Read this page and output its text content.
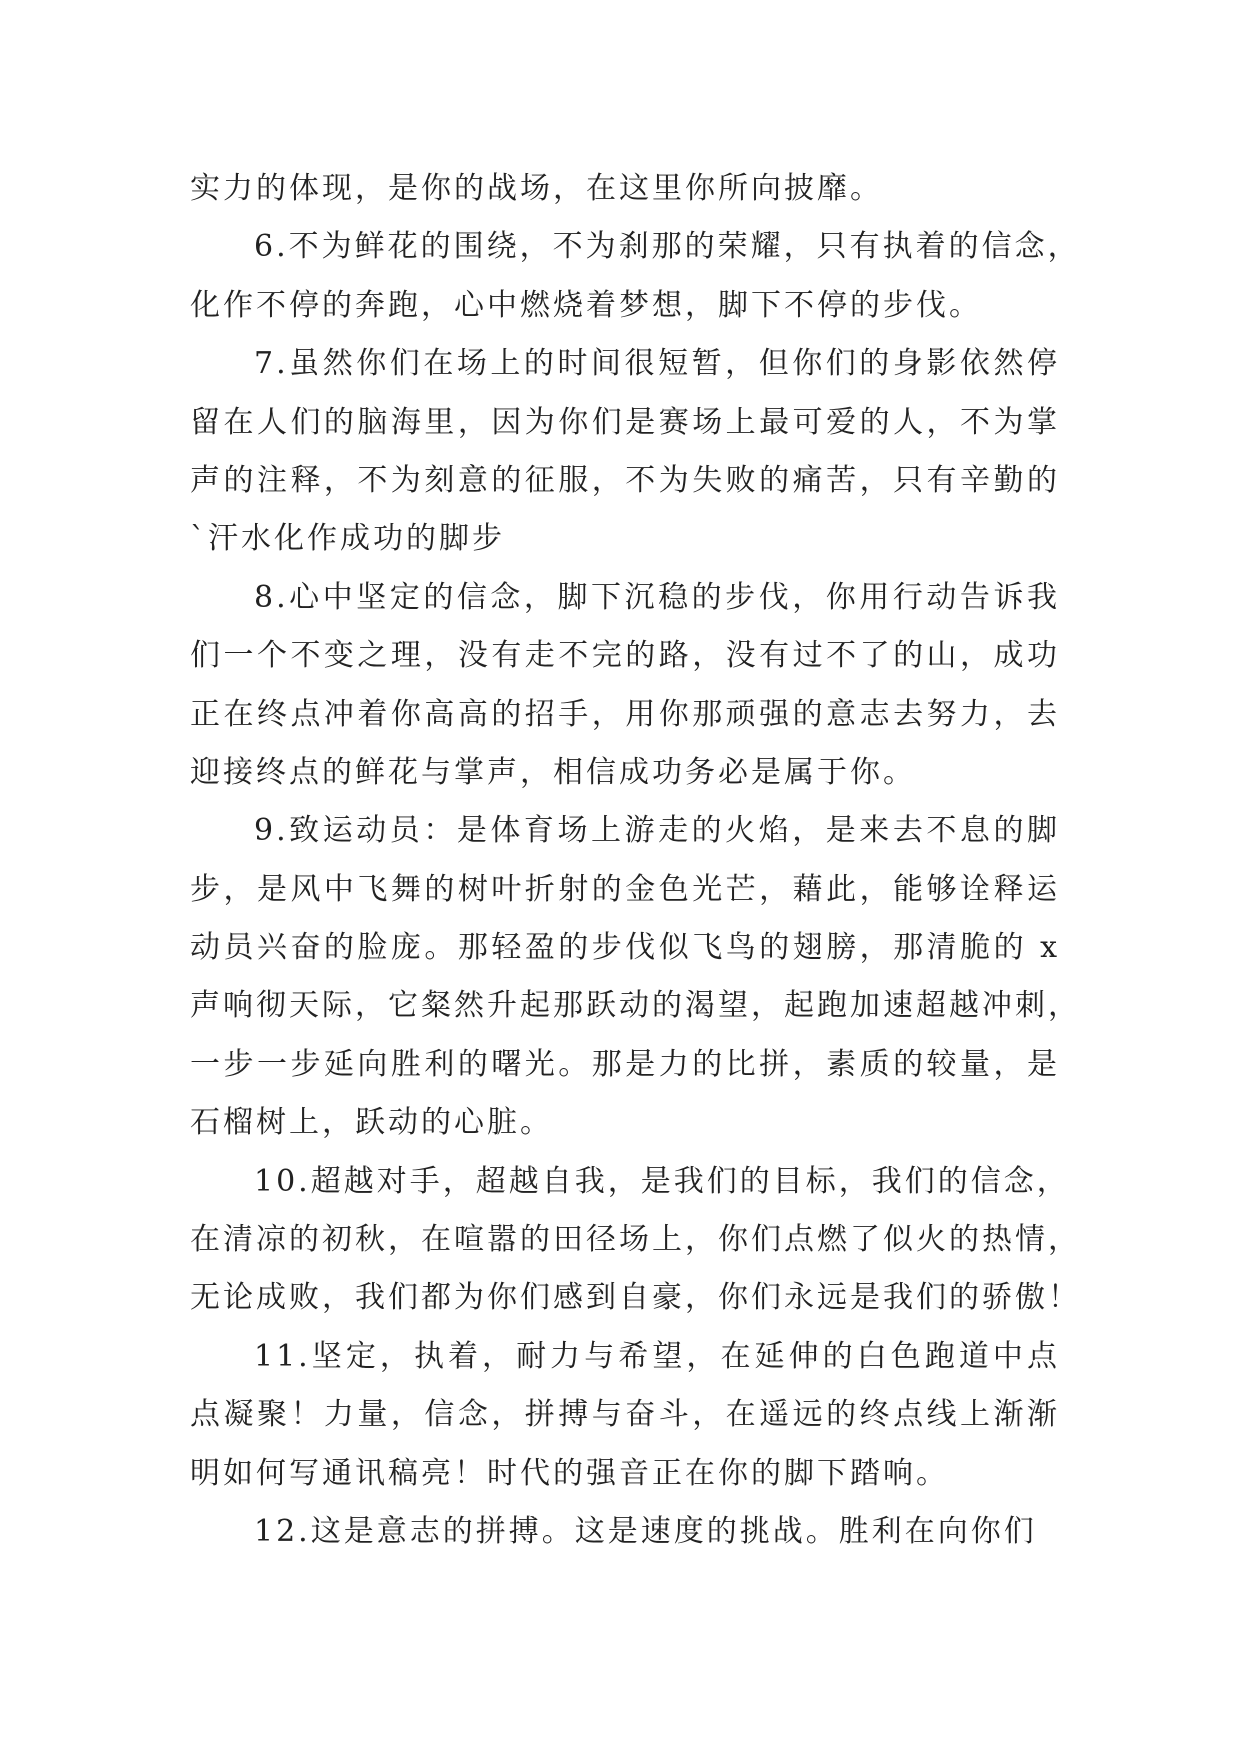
实力的体现，是你的战场，在这里你所向披靡。
6.不为鲜花的围绕，不为刹那的荣耀，只有执着的信念，
化作不停的奔跑，心中燃烧着梦想，脚下不停的步伐。
7.虽然你们在场上的时间很短暂，但你们的身影依然停
留在人们的脑海里，因为你们是赛场上最可爱的人，不为掌
声的注释，不为刻意的征服，不为失败的痛苦，只有辛勤的
`汗水化作成功的脚步
8.心中坚定的信念，脚下沉稳的步伐，你用行动告诉我
们一个不变之理，没有走不完的路，没有过不了的山，成功
正在终点冲着你高高的招手，用你那顽强的意志去努力，去
迎接终点的鲜花与掌声，相信成功务必是属于你。
9.致运动员：是体育场上游走的火焰，是来去不息的脚
步，是风中飞舞的树叶折射的金色光芒，藉此，能够诠释运
动员兴奋的脸庞。那轻盈的步伐似飞鸟的翅膀，那清脆的 x
声响彻天际，它粲然升起那跃动的渴望，起跑加速超越冲刺，
一步一步延向胜利的曙光。那是力的比拼，素质的较量，是
石榴树上，跃动的心脏。
10.超越对手，超越自我，是我们的目标，我们的信念，
在清凉的初秋，在喧嚣的田径场上，你们点燃了似火的热情，
无论成败，我们都为你们感到自豪，你们永远是我们的骄傲！
11.坚定，执着，耐力与希望，在延伸的白色跑道中点
点凝聚！力量，信念，拼搏与奋斗，在遥远的终点线上渐渐
明如何写通讯稿亮！时代的强音正在你的脚下踏响。
12.这是意志的拼搏。这是速度的挑战。胜利在向你们
